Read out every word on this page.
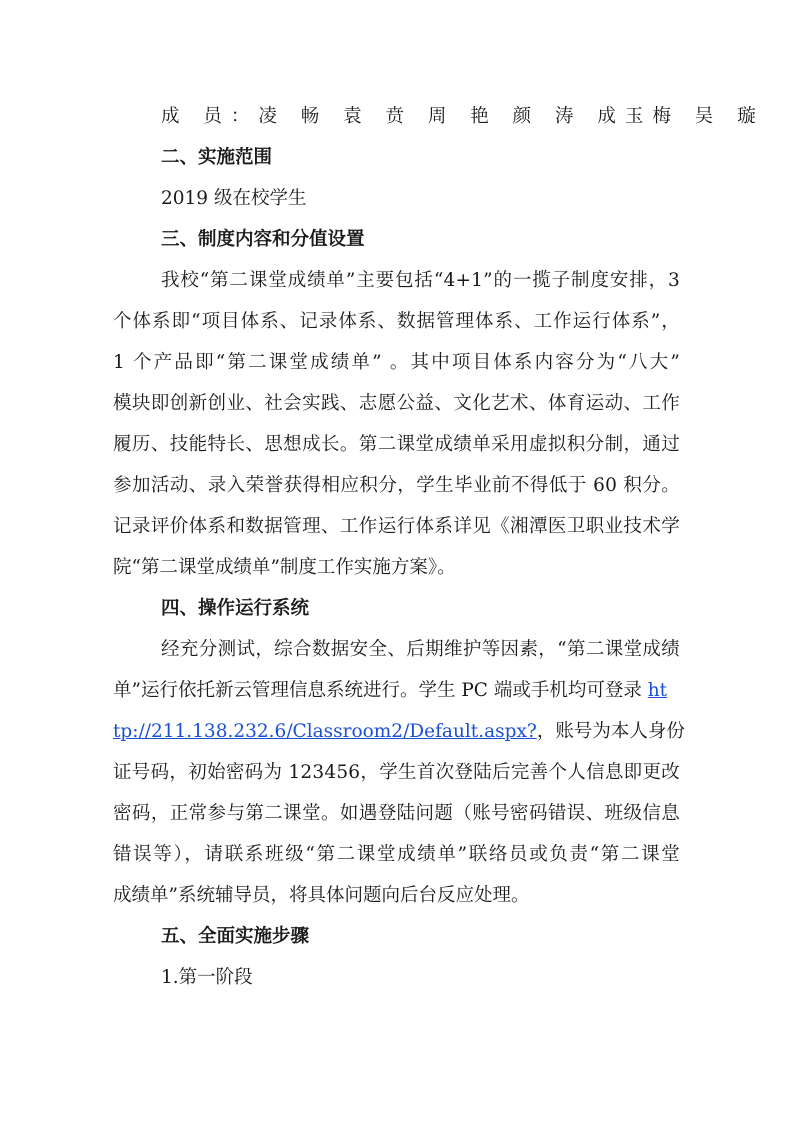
成 员：凌 畅 袁 贲 周 艳 颜 涛 成玉梅 吴 璇

二、实施范围

2019 级在校学生

三、制度内容和分值设置

我校“第二课堂成绩单”主要包括“4+1”的一揽子制度安排，3

个体系即“项目体系、记录体系、数据管理体系、工作运行体系”，

1 个产品即“第二课堂成绩单” 。其中项目体系内容分为“八大”

模块即创新创业、社会实践、志愿公益、文化艺术、体育运动、工作

履历、技能特长、思想成长。第二课堂成绩单采用虚拟积分制，通过

参加活动、录入荣誉获得相应积分，学生毕业前不得低于 60 积分。

记录评价体系和数据管理、工作运行体系详见《湘潭医卫职业技术学

院“第二课堂成绩单”制度工作实施方案》。

四、操作运行系统

经充分测试，综合数据安全、后期维护等因素，“第二课堂成绩

单”运行依托新云管理信息系统进行。学生 PC 端或手机均可登录 ht

tp://211.138.232.6/Classroom2/Default.aspx?，账号为本人身份

证号码，初始密码为 123456，学生首次登陆后完善个人信息即更改

密码，正常参与第二课堂。如遇登陆问题（账号密码错误、班级信息

错误等），请联系班级“第二课堂成绩单”联络员或负责“第二课堂

成绩单”系统辅导员，将具体问题向后台反应处理。

五、全面实施步骤

1.第一阶段
